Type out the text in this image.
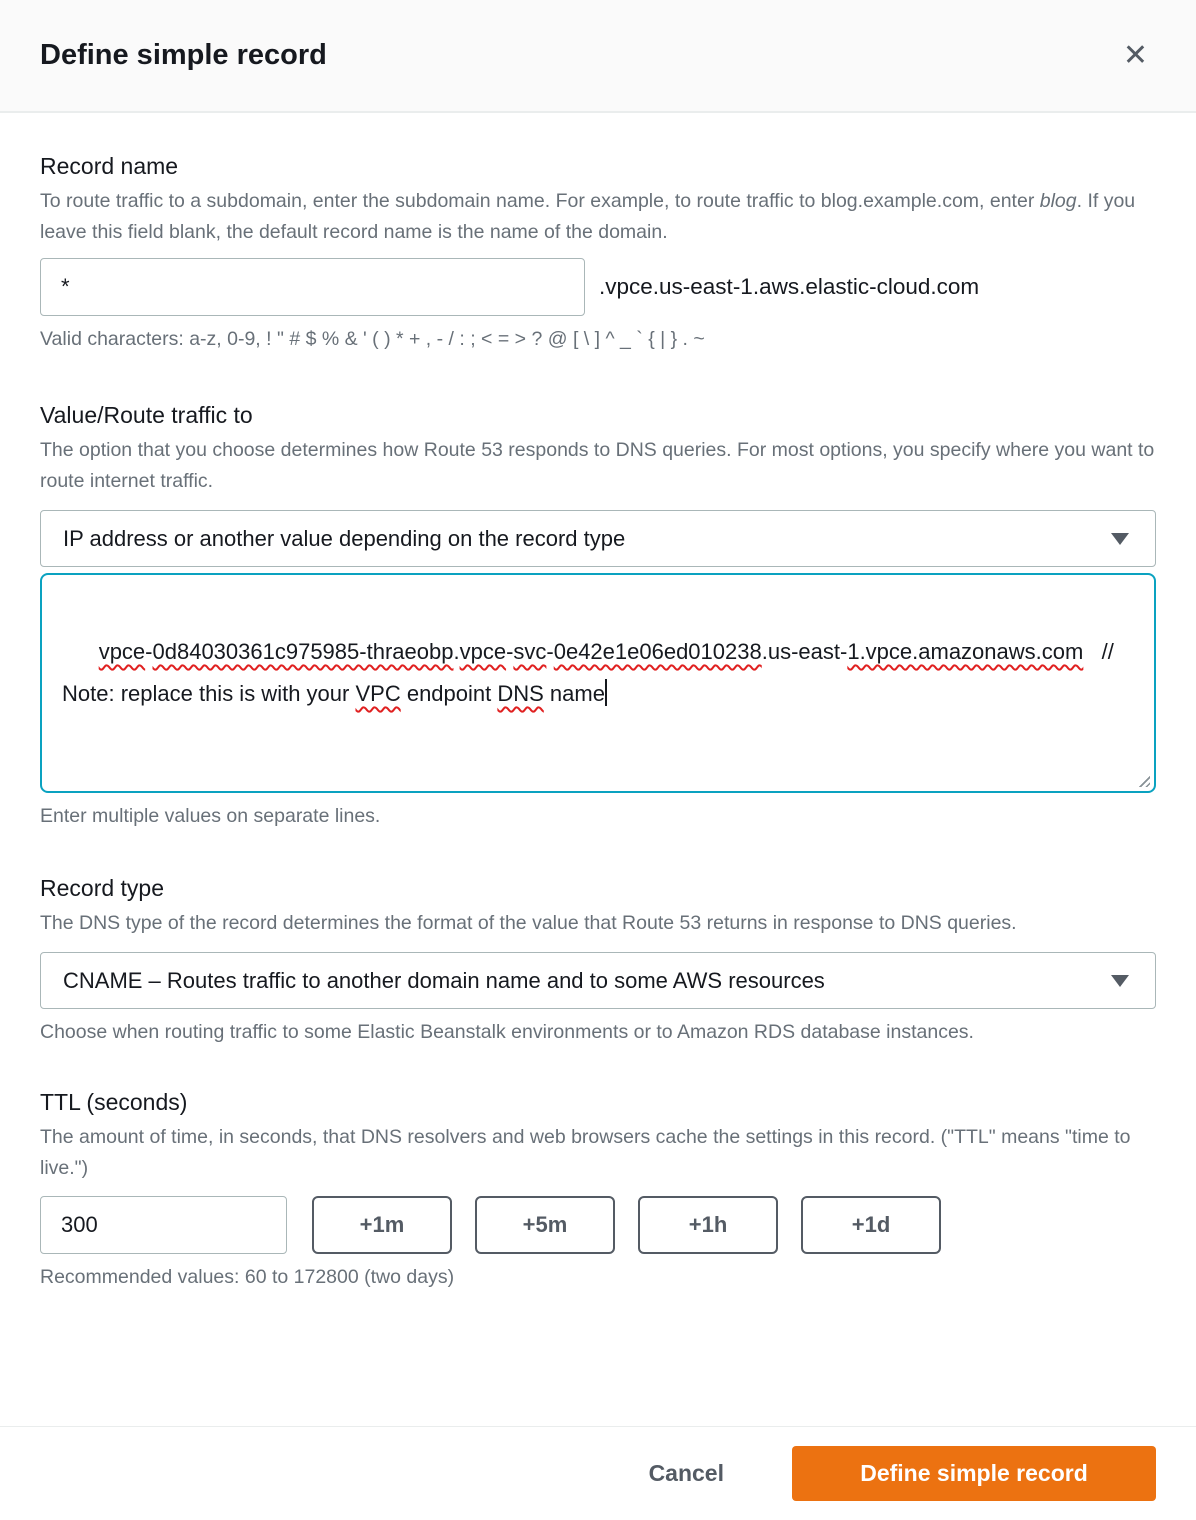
Define simple record	✕
Record name

To route traffic to a subdomain, enter the subdomain name. For example, to route traffic to blog.example.com, enter blog. If you leave this field blank, the default record name is the name of the domain.

*
.vpce.us-east-1.aws.elastic-cloud.com

Valid characters: a-z, 0-9, ! " # $ % & ' ( ) * + , - / : ; < = > ? @ [ \ ] ^ _ ` { | } . ~

Value/Route traffic to

The option that you choose determines how Route 53 responds to DNS queries. For most options, you specify where you want to route internet traffic.

IP address or another value depending on the record type

vpce-0d84030361c975985-thraeobp.vpce-svc-0e42e1e06ed010238.us-east-1.vpce.amazonaws.com   // Note: replace this is with your VPC endpoint DNS name

Enter multiple values on separate lines.

Record type

The DNS type of the record determines the format of the value that Route 53 returns in response to DNS queries.

CNAME – Routes traffic to another domain name and to some AWS resources

Choose when routing traffic to some Elastic Beanstalk environments or to Amazon RDS database instances.

TTL (seconds)

The amount of time, in seconds, that DNS resolvers and web browsers cache the settings in this record. ("TTL" means "time to live.")

300
+1m	+5m	+1h	+1d

Recommended values: 60 to 172800 (two days)

Cancel	Define simple record
